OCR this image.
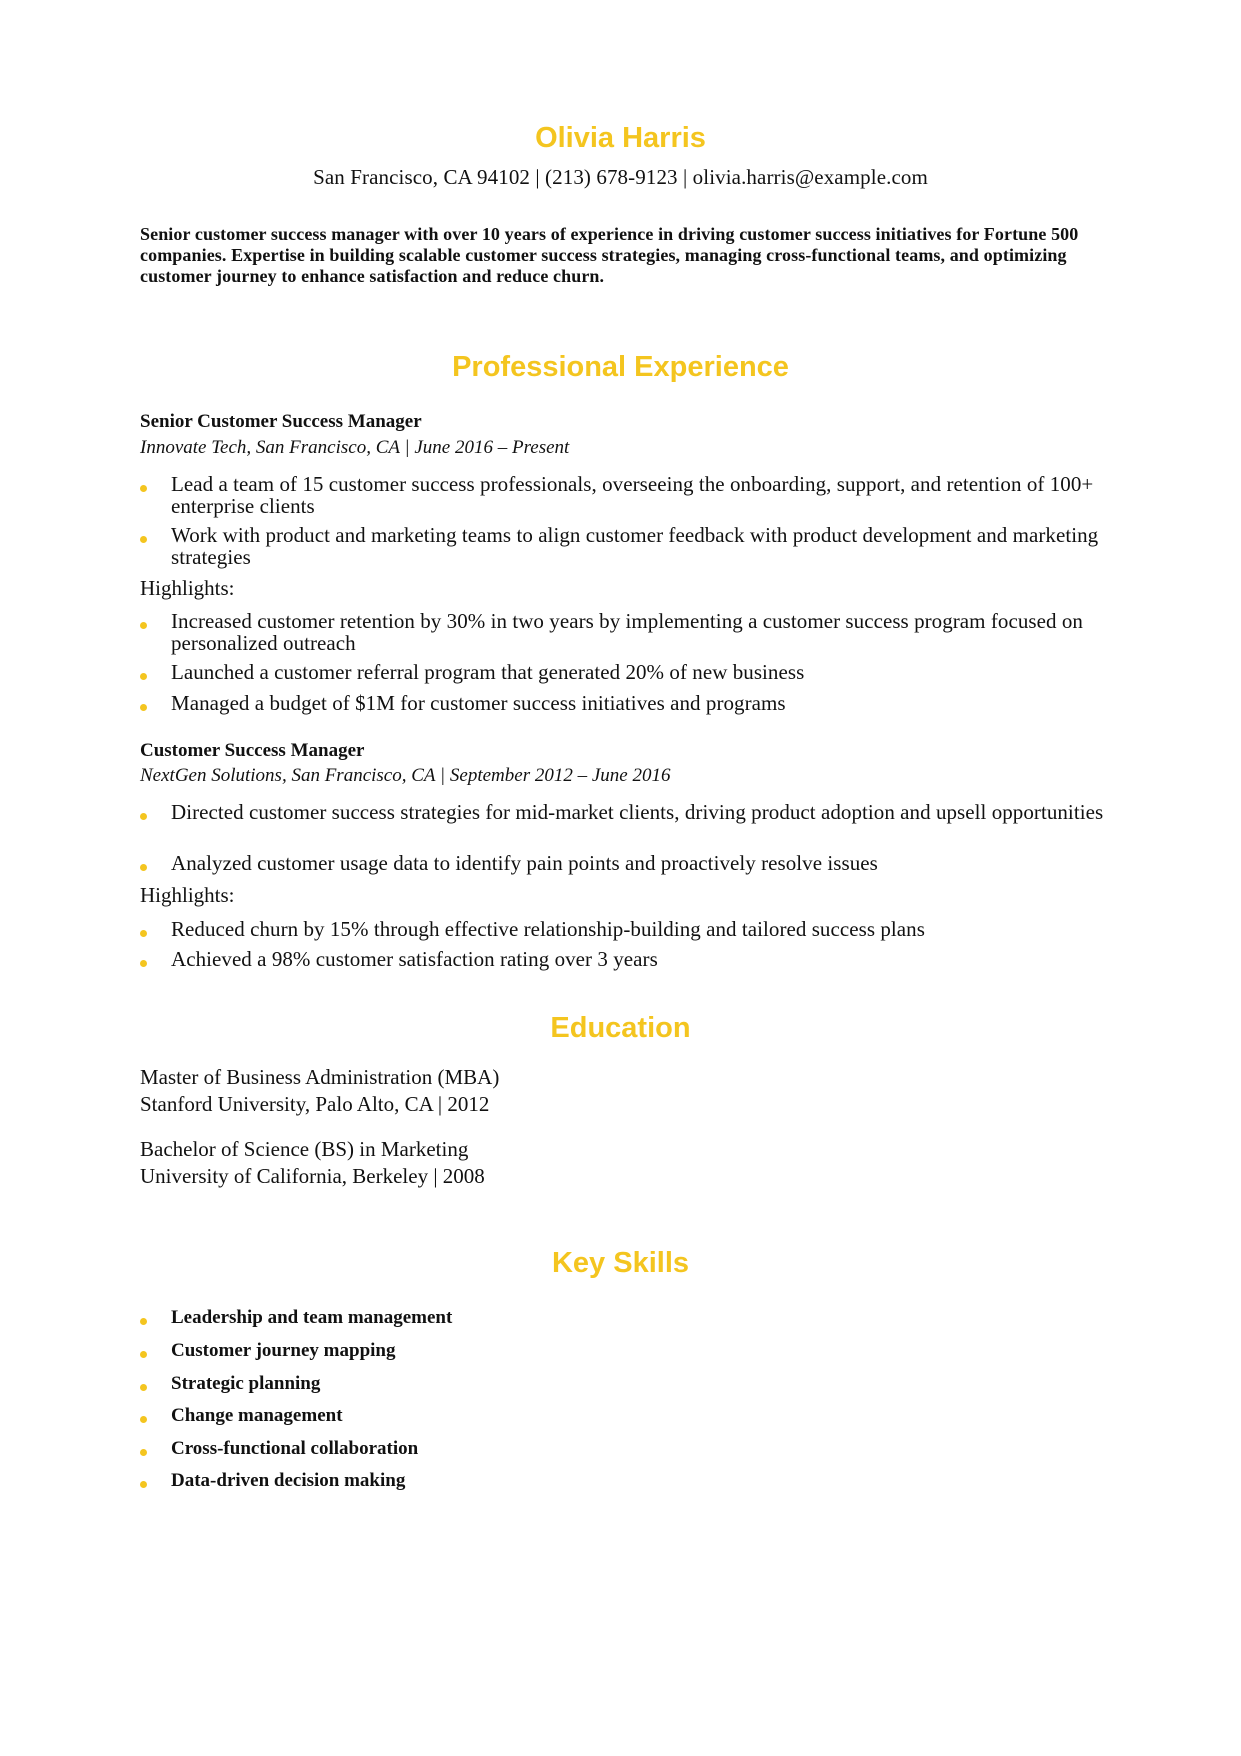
Olivia Harris
San Francisco, CA 94102 | (213) 678-9123 | olivia.harris@example.com
Senior customer success manager with over 10 years of experience in driving customer success initiatives for Fortune 500 companies. Expertise in building scalable customer success strategies, managing cross-functional teams, and optimizing customer journey to enhance satisfaction and reduce churn.
Professional Experience
Senior Customer Success Manager
Innovate Tech, San Francisco, CA | June 2016 – Present
Lead a team of 15 customer success professionals, overseeing the onboarding, support, and retention of 100+ enterprise clients
Work with product and marketing teams to align customer feedback with product development and marketing strategies
Highlights:
Increased customer retention by 30% in two years by implementing a customer success program focused on personalized outreach
Launched a customer referral program that generated 20% of new business
Managed a budget of $1M for customer success initiatives and programs
Customer Success Manager
NextGen Solutions, San Francisco, CA | September 2012 – June 2016
Directed customer success strategies for mid-market clients, driving product adoption and upsell opportunities
Analyzed customer usage data to identify pain points and proactively resolve issues
Highlights:
Reduced churn by 15% through effective relationship-building and tailored success plans
Achieved a 98% customer satisfaction rating over 3 years
Education
Master of Business Administration (MBA)
Stanford University, Palo Alto, CA | 2012
Bachelor of Science (BS) in Marketing
University of California, Berkeley | 2008
Key Skills
Leadership and team management
Customer journey mapping
Strategic planning
Change management
Cross-functional collaboration
Data-driven decision making
